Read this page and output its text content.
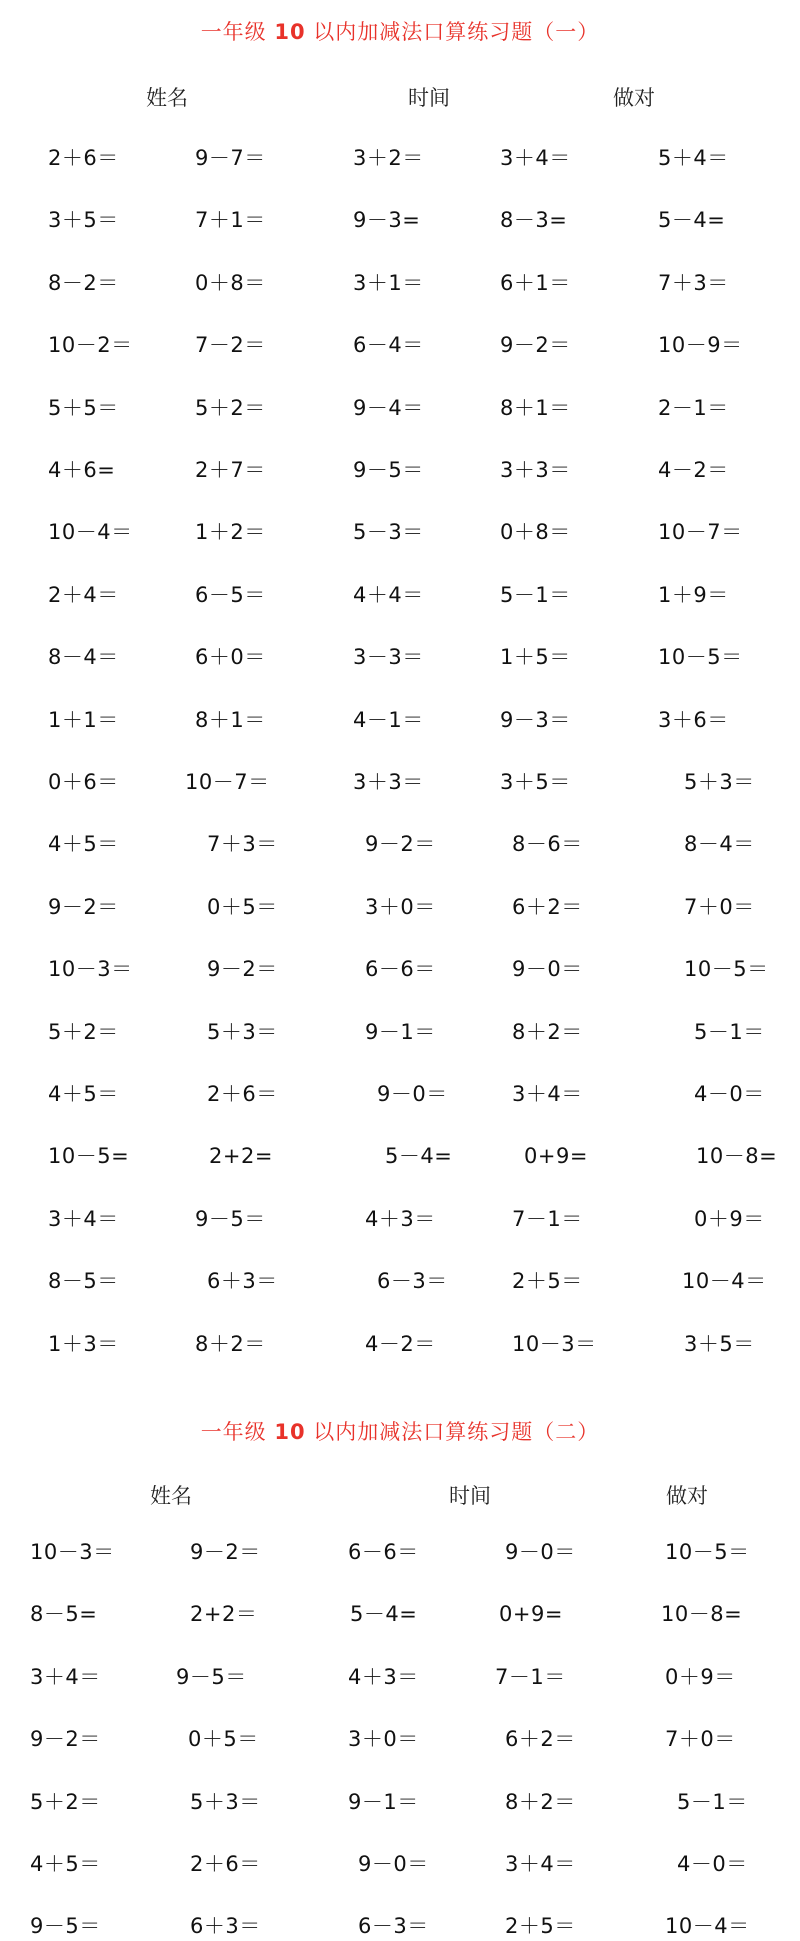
一年级 10 以内加减法口算练习题（一）
姓名	时间	做对
2＋6＝	9－7＝	3＋2＝	3＋4＝	5＋4＝
3＋5＝	7＋1＝	9－3=	8－3=	5－4=
8－2＝	0＋8＝	3＋1＝	6＋1＝	7＋3＝
10－2＝	7－2＝	6－4＝	9－2＝	10－9＝
5＋5＝	5＋2＝	9－4＝	8＋1＝	2－1＝
4＋6=	2＋7＝	9－5＝	3＋3＝	4－2＝
10－4＝	1＋2＝	5－3＝	0＋8＝	10－7＝
2＋4＝	6－5＝	4＋4＝	5－1＝	1＋9＝
8－4＝	6＋0＝	3－3＝	1＋5＝	10－5＝
1＋1＝	8＋1＝	4－1＝	9－3＝	3＋6＝
0＋6＝	10－7＝	3＋3＝	3＋5＝	5＋3＝
4＋5＝	7＋3＝	9－2＝	8－6＝	8－4＝
9－2＝	0＋5＝	3＋0＝	6＋2＝	7＋0＝
10－3＝	9－2＝	6－6＝	9－0＝	10－5＝
5＋2＝	5＋3＝	9－1＝	8＋2＝	5－1＝
4＋5＝	2＋6＝	9－0＝	3＋4＝	4－0＝
10－5=	2+2=	5－4=	0+9=	10－8=
3＋4＝	9－5＝	4＋3＝	7－1＝	0＋9＝
8－5＝	6＋3＝	6－3＝	2＋5＝	10－4＝
1＋3＝	8＋2＝	4－2＝	10－3＝	3＋5＝
一年级 10 以内加减法口算练习题（二）
姓名	时间	做对
10－3＝	9－2＝	6－6＝	9－0＝	10－5＝
8－5=	2+2＝	5－4=	0+9=	10－8=
3＋4＝	9－5＝	4＋3＝	7－1＝	0＋9＝
9－2＝	0＋5＝	3＋0＝	6＋2＝	7＋0＝
5＋2＝	5＋3＝	9－1＝	8＋2＝	5－1＝
4＋5＝	2＋6＝	9－0＝	3＋4＝	4－0＝
9－5＝	6＋3＝	6－3＝	2＋5＝	10－4＝
